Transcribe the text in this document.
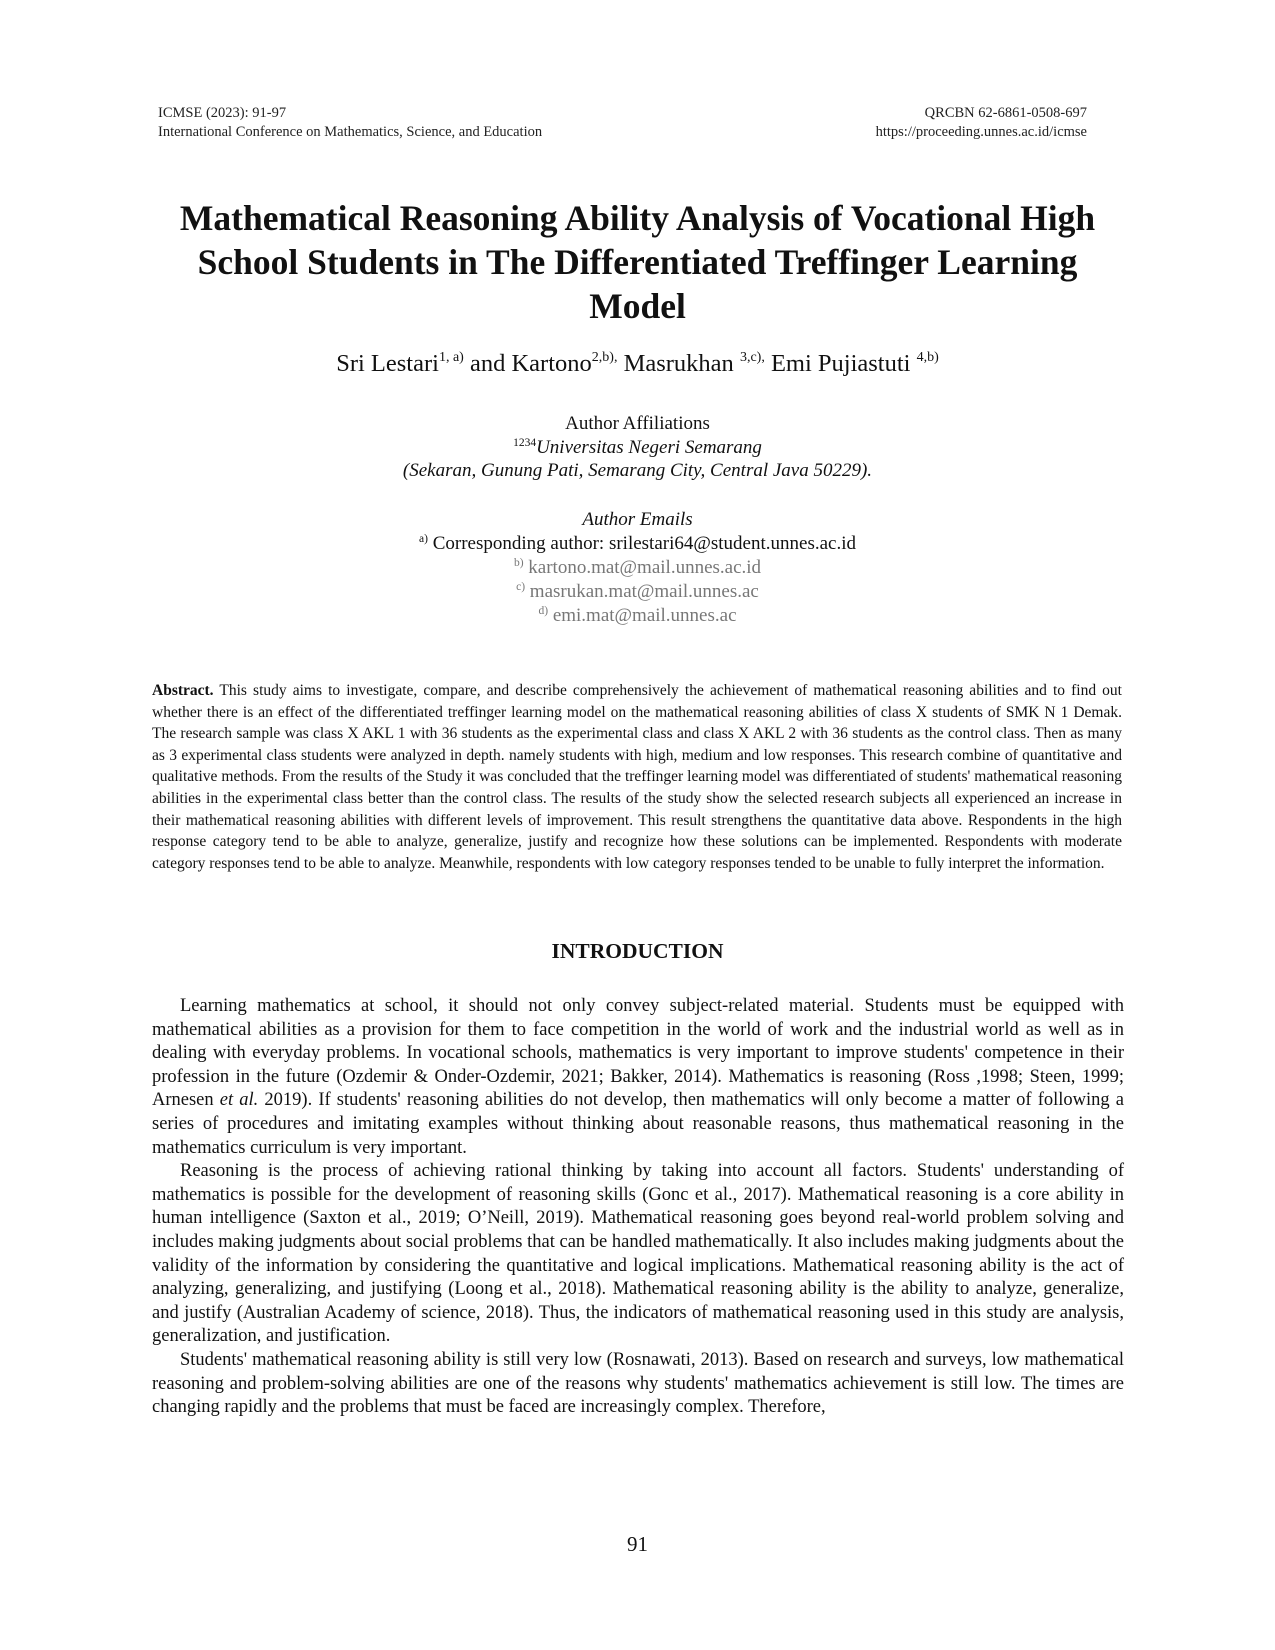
ICMSE (2023): 91-97
International Conference on Mathematics, Science, and Education
QRCBN 62-6861-0508-697
https://proceeding.unnes.ac.id/icmse
Mathematical Reasoning Ability Analysis of Vocational High
School Students in The Differentiated Treffinger Learning
Model
Sri Lestari$^{1, a)}$ and Kartono$^{2,b),}$ Masrukhan $^{3,c),}$ Emi Pujiastuti $^{4,b)}$
Author Affiliations
$^{1234}$Universitas Negeri Semarang
(Sekaran, Gunung Pati, Semarang City, Central Java 50229).
Author Emails
$^{a)}$ Corresponding author: srilestari64@student.unnes.ac.id
$^{b)}$ kartono.mat@mail.unnes.ac.id
$^{c)}$ masrukan.mat@mail.unnes.ac
$^{d)}$ emi.mat@mail.unnes.ac
Abstract. This study aims to investigate, compare, and describe comprehensively the achievement of mathematical reasoning abilities and to find out whether there is an effect of the differentiated treffinger learning model on the mathematical reasoning abilities of class X students of SMK N 1 Demak. The research sample was class X AKL 1 with 36 students as the experimental class and class X AKL 2 with 36 students as the control class. Then as many as 3 experimental class students were analyzed in depth. namely students with high, medium and low responses. This research combine of quantitative and qualitative methods. From the results of the Study it was concluded that the treffinger learning model was differentiated of students' mathematical reasoning abilities in the experimental class better than the control class. The results of the study show the selected research subjects all experienced an increase in their mathematical reasoning abilities with different levels of improvement. This result strengthens the quantitative data above. Respondents in the high response category tend to be able to analyze, generalize, justify and recognize how these solutions can be implemented. Respondents with moderate category responses tend to be able to analyze. Meanwhile, respondents with low category responses tended to be unable to fully interpret the information.
INTRODUCTION

Learning mathematics at school, it should not only convey subject-related material. Students must be equipped with mathematical abilities as a provision for them to face competition in the world of work and the industrial world as well as in dealing with everyday problems. In vocational schools, mathematics is very important to improve students' competence in their profession in the future (Ozdemir & Onder-Ozdemir, 2021; Bakker, 2014). Mathematics is reasoning (Ross ,1998; Steen, 1999; Arnesen et al. 2019). If students' reasoning abilities do not develop, then mathematics will only become a matter of following a series of procedures and imitating examples without thinking about reasonable reasons, thus mathematical reasoning in the mathematics curriculum is very important.

Reasoning is the process of achieving rational thinking by taking into account all factors. Students' understanding of mathematics is possible for the development of reasoning skills (Gonc et al., 2017). Mathematical reasoning is a core ability in human intelligence (Saxton et al., 2019; O’Neill, 2019). Mathematical reasoning goes beyond real-world problem solving and includes making judgments about social problems that can be handled mathematically. It also includes making judgments about the validity of the information by considering the quantitative and logical implications. Mathematical reasoning ability is the act of analyzing, generalizing, and justifying (Loong et al., 2018). Mathematical reasoning ability is the ability to analyze, generalize, and justify (Australian Academy of science, 2018). Thus, the indicators of mathematical reasoning used in this study are analysis, generalization, and justification.

Students' mathematical reasoning ability is still very low (Rosnawati, 2013). Based on research and surveys, low mathematical reasoning and problem-solving abilities are one of the reasons why students' mathematics achievement is still low. The times are changing rapidly and the problems that must be faced are increasingly complex. Therefore,

91
